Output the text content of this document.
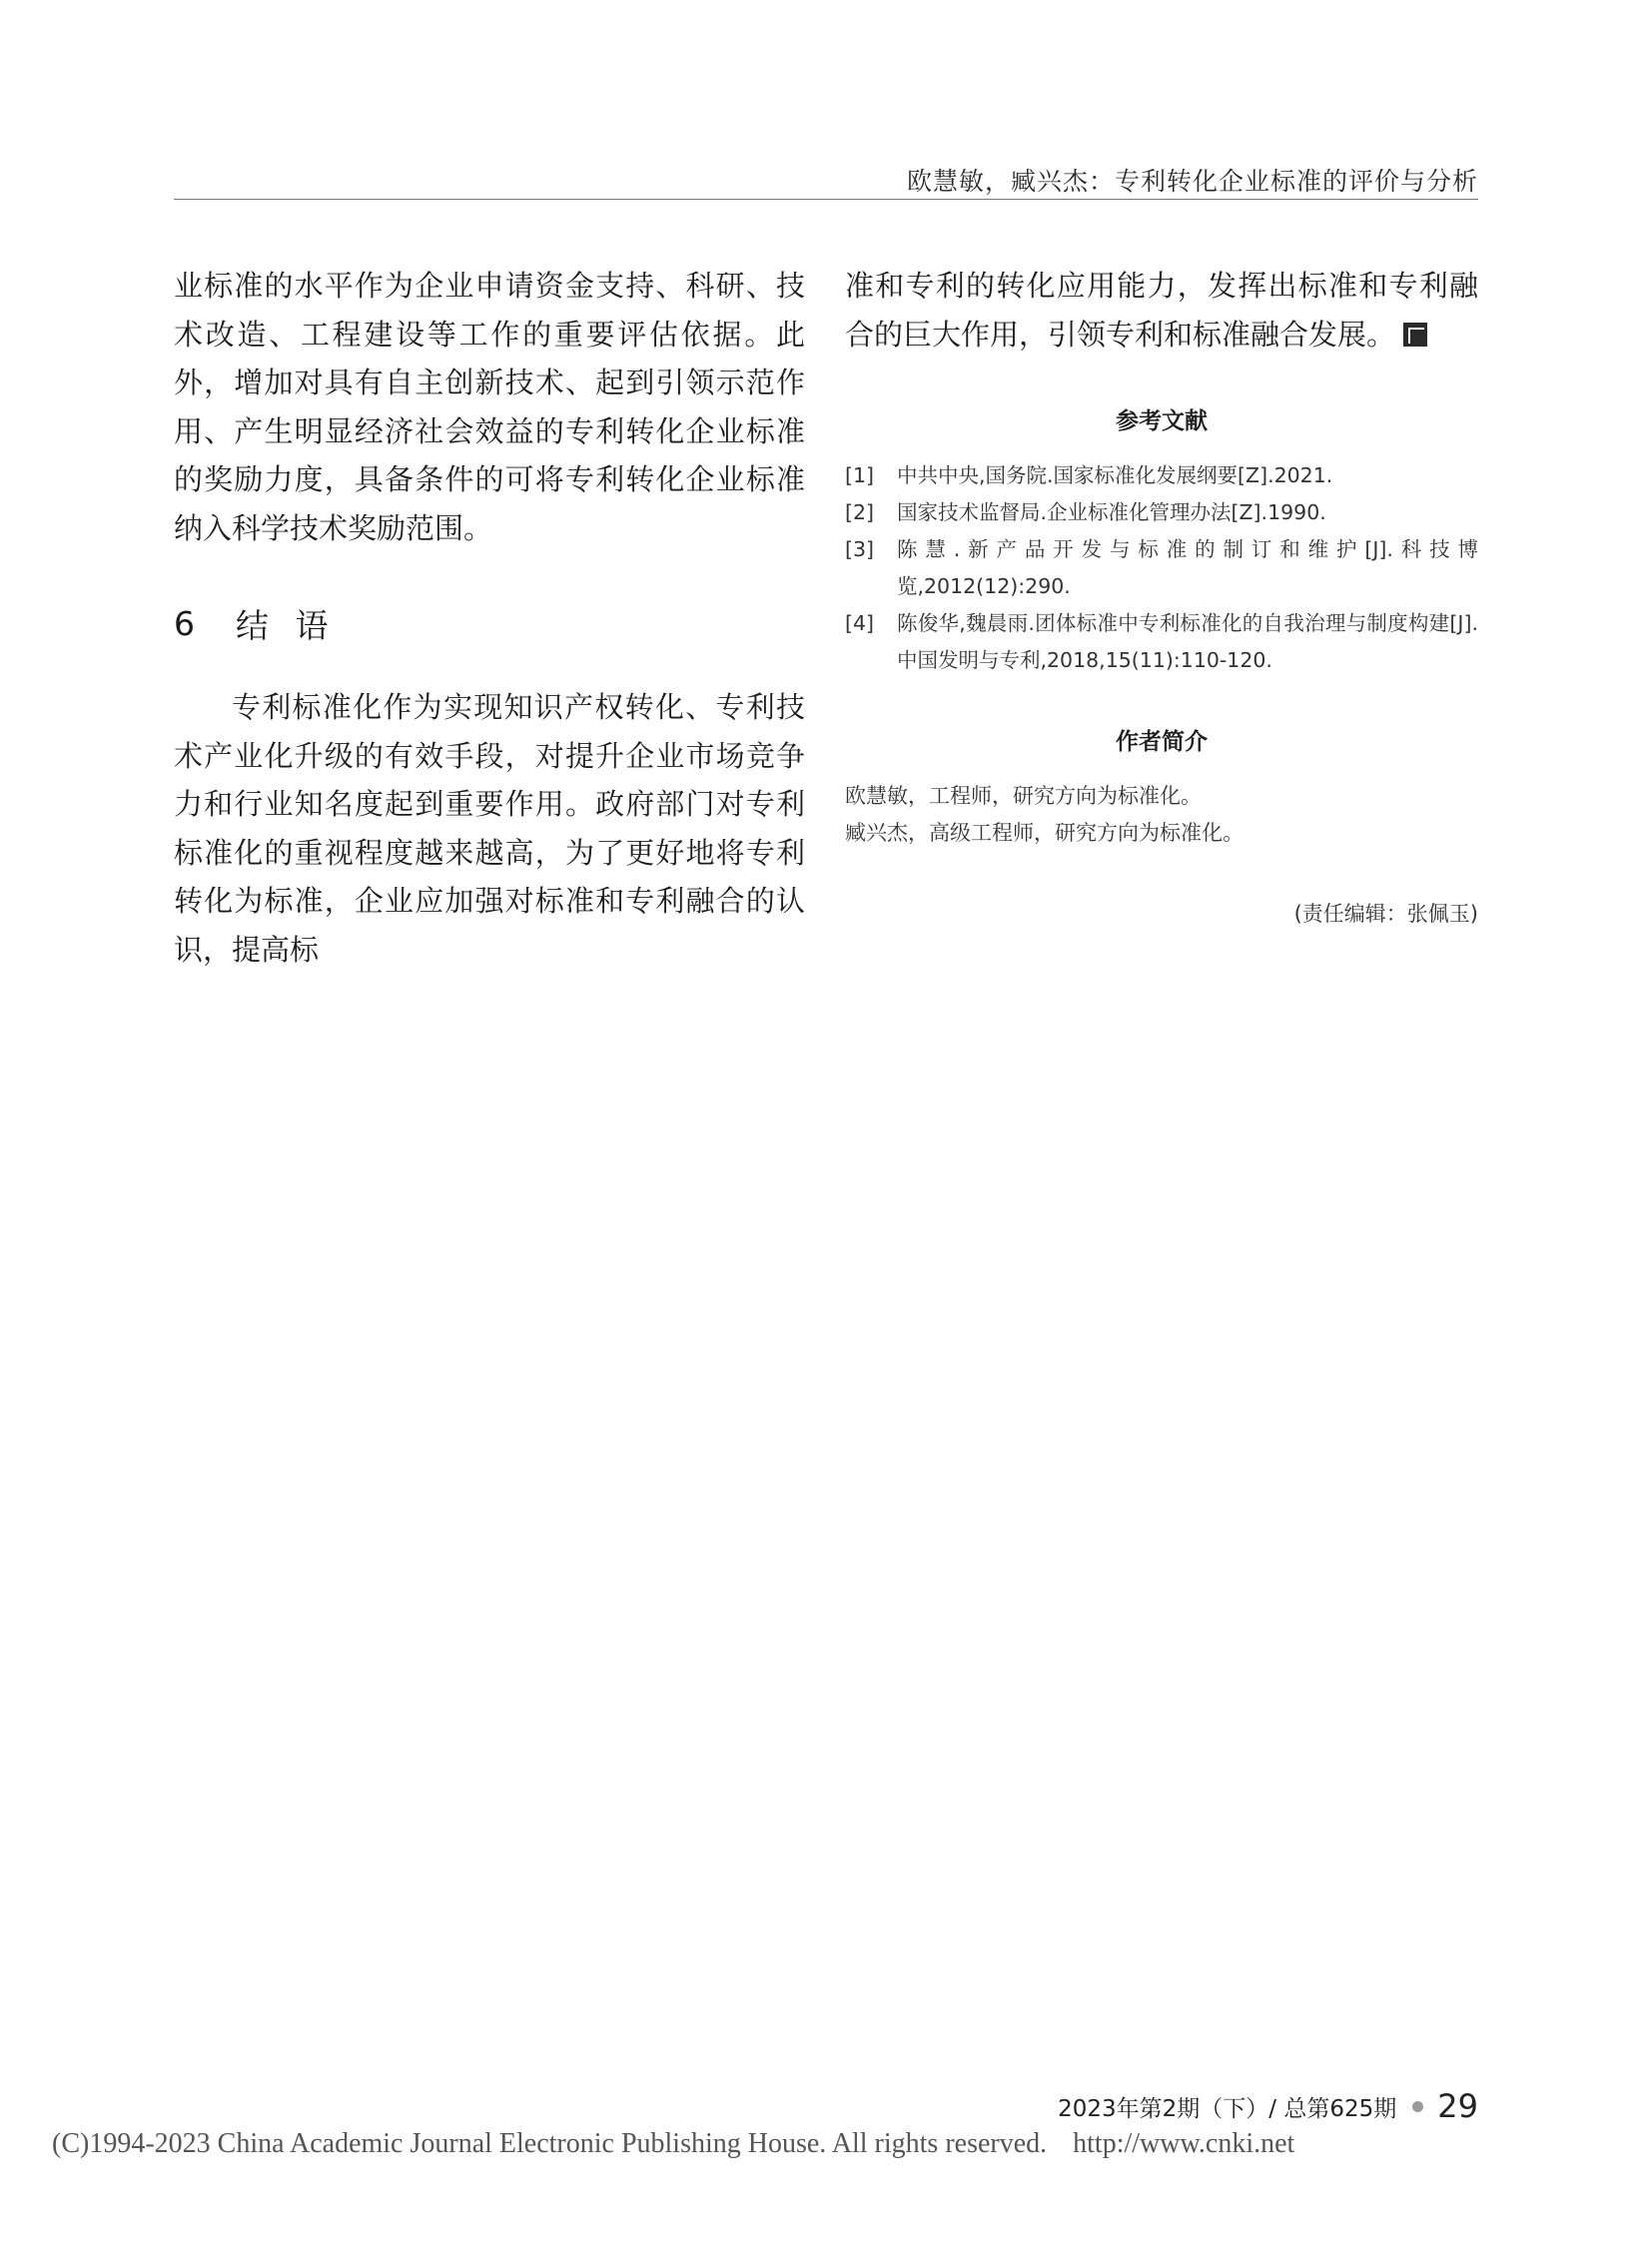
欧慧敏，臧兴杰：专利转化企业标准的评价与分析

业标准的水平作为企业申请资金支持、科研、技术改造、工程建设等工作的重要评估依据。此外，增加对具有自主创新技术、起到引领示范作用、产生明显经济社会效益的专利转化企业标准的奖励力度，具备条件的可将专利转化企业标准纳入科学技术奖励范围。

6	结 语

专利标准化作为实现知识产权转化、专利技术产业化升级的有效手段，对提升企业市场竞争力和行业知名度起到重要作用。政府部门对专利标准化的重视程度越来越高，为了更好地将专利转化为标准，企业应加强对标准和专利融合的认识，提高标

准和专利的转化应用能力，发挥出标准和专利融合的巨大作用，引领专利和标准融合发展。

参考文献
[1]	中共中央,国务院.国家标准化发展纲要[Z].2021.
[2]	国家技术监督局.企业标准化管理办法[Z].1990.
[3]	陈慧.新产品开发与标准的制订和维护[J].科技博览,2012(12):290.
[4]	陈俊华,魏晨雨.团体标准中专利标准化的自我治理与制度构建[J].中国发明与专利,2018,15(11):110-120.
作者简介
欧慧敏，工程师，研究方向为标准化。
臧兴杰，高级工程师，研究方向为标准化。
(责任编辑：张佩玉)
2023年第2期（下）/ 总第625期 29
(C)1994-2023 China Academic Journal Electronic Publishing House. All rights reserved. http://www.cnki.net
